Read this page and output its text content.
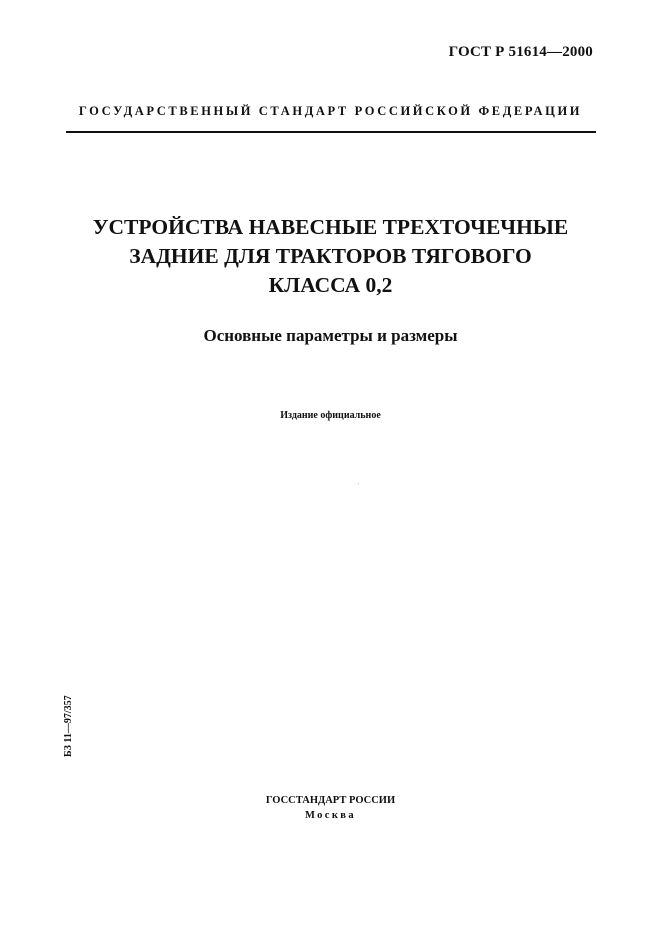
ГОСТ Р 51614—2000
ГОСУДАРСТВЕННЫЙ СТАНДАРТ РОССИЙСКОЙ ФЕДЕРАЦИИ
УСТРОЙСТВА НАВЕСНЫЕ ТРЕХТОЧЕЧНЫЕ
ЗАДНИЕ ДЛЯ ТРАКТОРОВ ТЯГОВОГО
КЛАССА 0,2
Основные параметры и размеры
Издание официальное
БЗ 11—97/357
ГОССТАНДАРТ РОССИИ
Москва
